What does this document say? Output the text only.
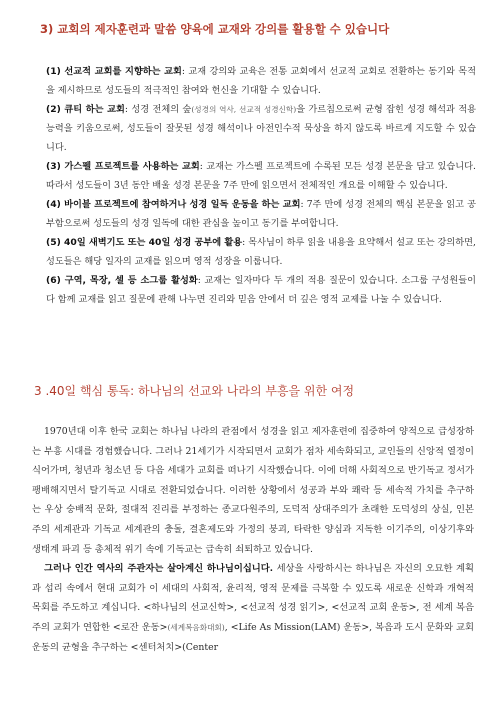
3) 교회의 제자훈련과 말씀 양육에 교재와 강의를 활용할 수 있습니다

(1) 선교적 교회를 지향하는 교회: 교재 강의와 교육은 전통 교회에서 선교적 교회로 전환하는 동기와 목적을 제시하므로 성도들의 적극적인 참여와 헌신을 기대할 수 있습니다.

(2) 큐티 하는 교회: 성경 전체의 숲(성경의 역사, 선교적 성경신학)을 가르침으로써 균형 잡힌 성경 해석과 적용 능력을 키움으로써, 성도들이 잘못된 성경 해석이나 아전인수적 묵상을 하지 않도록 바르게 지도할 수 있습니다.

(3) 가스펠 프로젝트를 사용하는 교회: 교재는 가스펠 프로젝트에 수록된 모든 성경 본문을 담고 있습니다. 따라서 성도들이 3년 동안 배울 성경 본문을 7주 만에 읽으면서 전체적인 개요를 이해할 수 있습니다.

(4) 바이블 프로젝트에 참여하거나 성경 일독 운동을 하는 교회: 7주 만에 성경 전체의 핵심 본문을 읽고 공부함으로써 성도들의 성경 일독에 대한 관심을 높이고 동기를 부여합니다.

(5) 40일 새벽기도 또는 40일 성경 공부에 활용: 목사님이 하루 읽을 내용을 요약해서 설교 또는 강의하면, 성도들은 해당 일자의 교재를 읽으며 영적 성장을 이룹니다.

(6) 구역, 목장, 셀 등 소그룹 활성화: 교재는 일자마다 두 개의 적용 질문이 있습니다. 소그룹 구성원들이 다 함께 교재를 읽고 질문에 관해 나누면 진리와 믿음 안에서 더 깊은 영적 교제를 나눌 수 있습니다.

3 .40일 핵심 통독: 하나님의 선교와 나라의 부흥을 위한 여정

1970년대 이후 한국 교회는 하나님 나라의 관점에서 성경을 읽고 제자훈련에 집중하여 양적으로 급성장하는 부흥 시대를 경험했습니다. 그러나 21세기가 시작되면서 교회가 점차 세속화되고, 교인들의 신앙적 열정이 식어가며, 청년과 청소년 등 다음 세대가 교회를 떠나기 시작했습니다. 이에 더해 사회적으로 반기독교 정서가 팽배해지면서 탈기독교 시대로 전환되었습니다. 이러한 상황에서 성공과 부와 쾌락 등 세속적 가치를 추구하는 우상 숭배적 문화, 절대적 진리를 부정하는 종교다원주의, 도덕적 상대주의가 초래한 도덕성의 상실, 인본주의 세계관과 기독교 세계관의 충돌, 결혼제도와 가정의 붕괴, 타락한 양심과 지독한 이기주의, 이상기후와 생태계 파괴 등 총체적 위기 속에 기독교는 급속히 쇠퇴하고 있습니다.

그러나 인간 역사의 주관자는 살아계신 하나님이십니다. 세상을 사랑하시는 하나님은 자신의 오묘한 계획과 섭리 속에서 현대 교회가 이 세대의 사회적, 윤리적, 영적 문제를 극복할 수 있도록 새로운 신학과 개혁적 목회를 주도하고 계십니다. <하나님의 선교신학>, <선교적 성경 읽기>, <선교적 교회 운동>, 전 세계 복음주의 교회가 연합한 <로잔 운동>(세계복음화대회), <Life As Mission(LAM) 운동>, 복음과 도시 문화와 교회 운동의 균형을 추구하는 <센터처치>(Center
